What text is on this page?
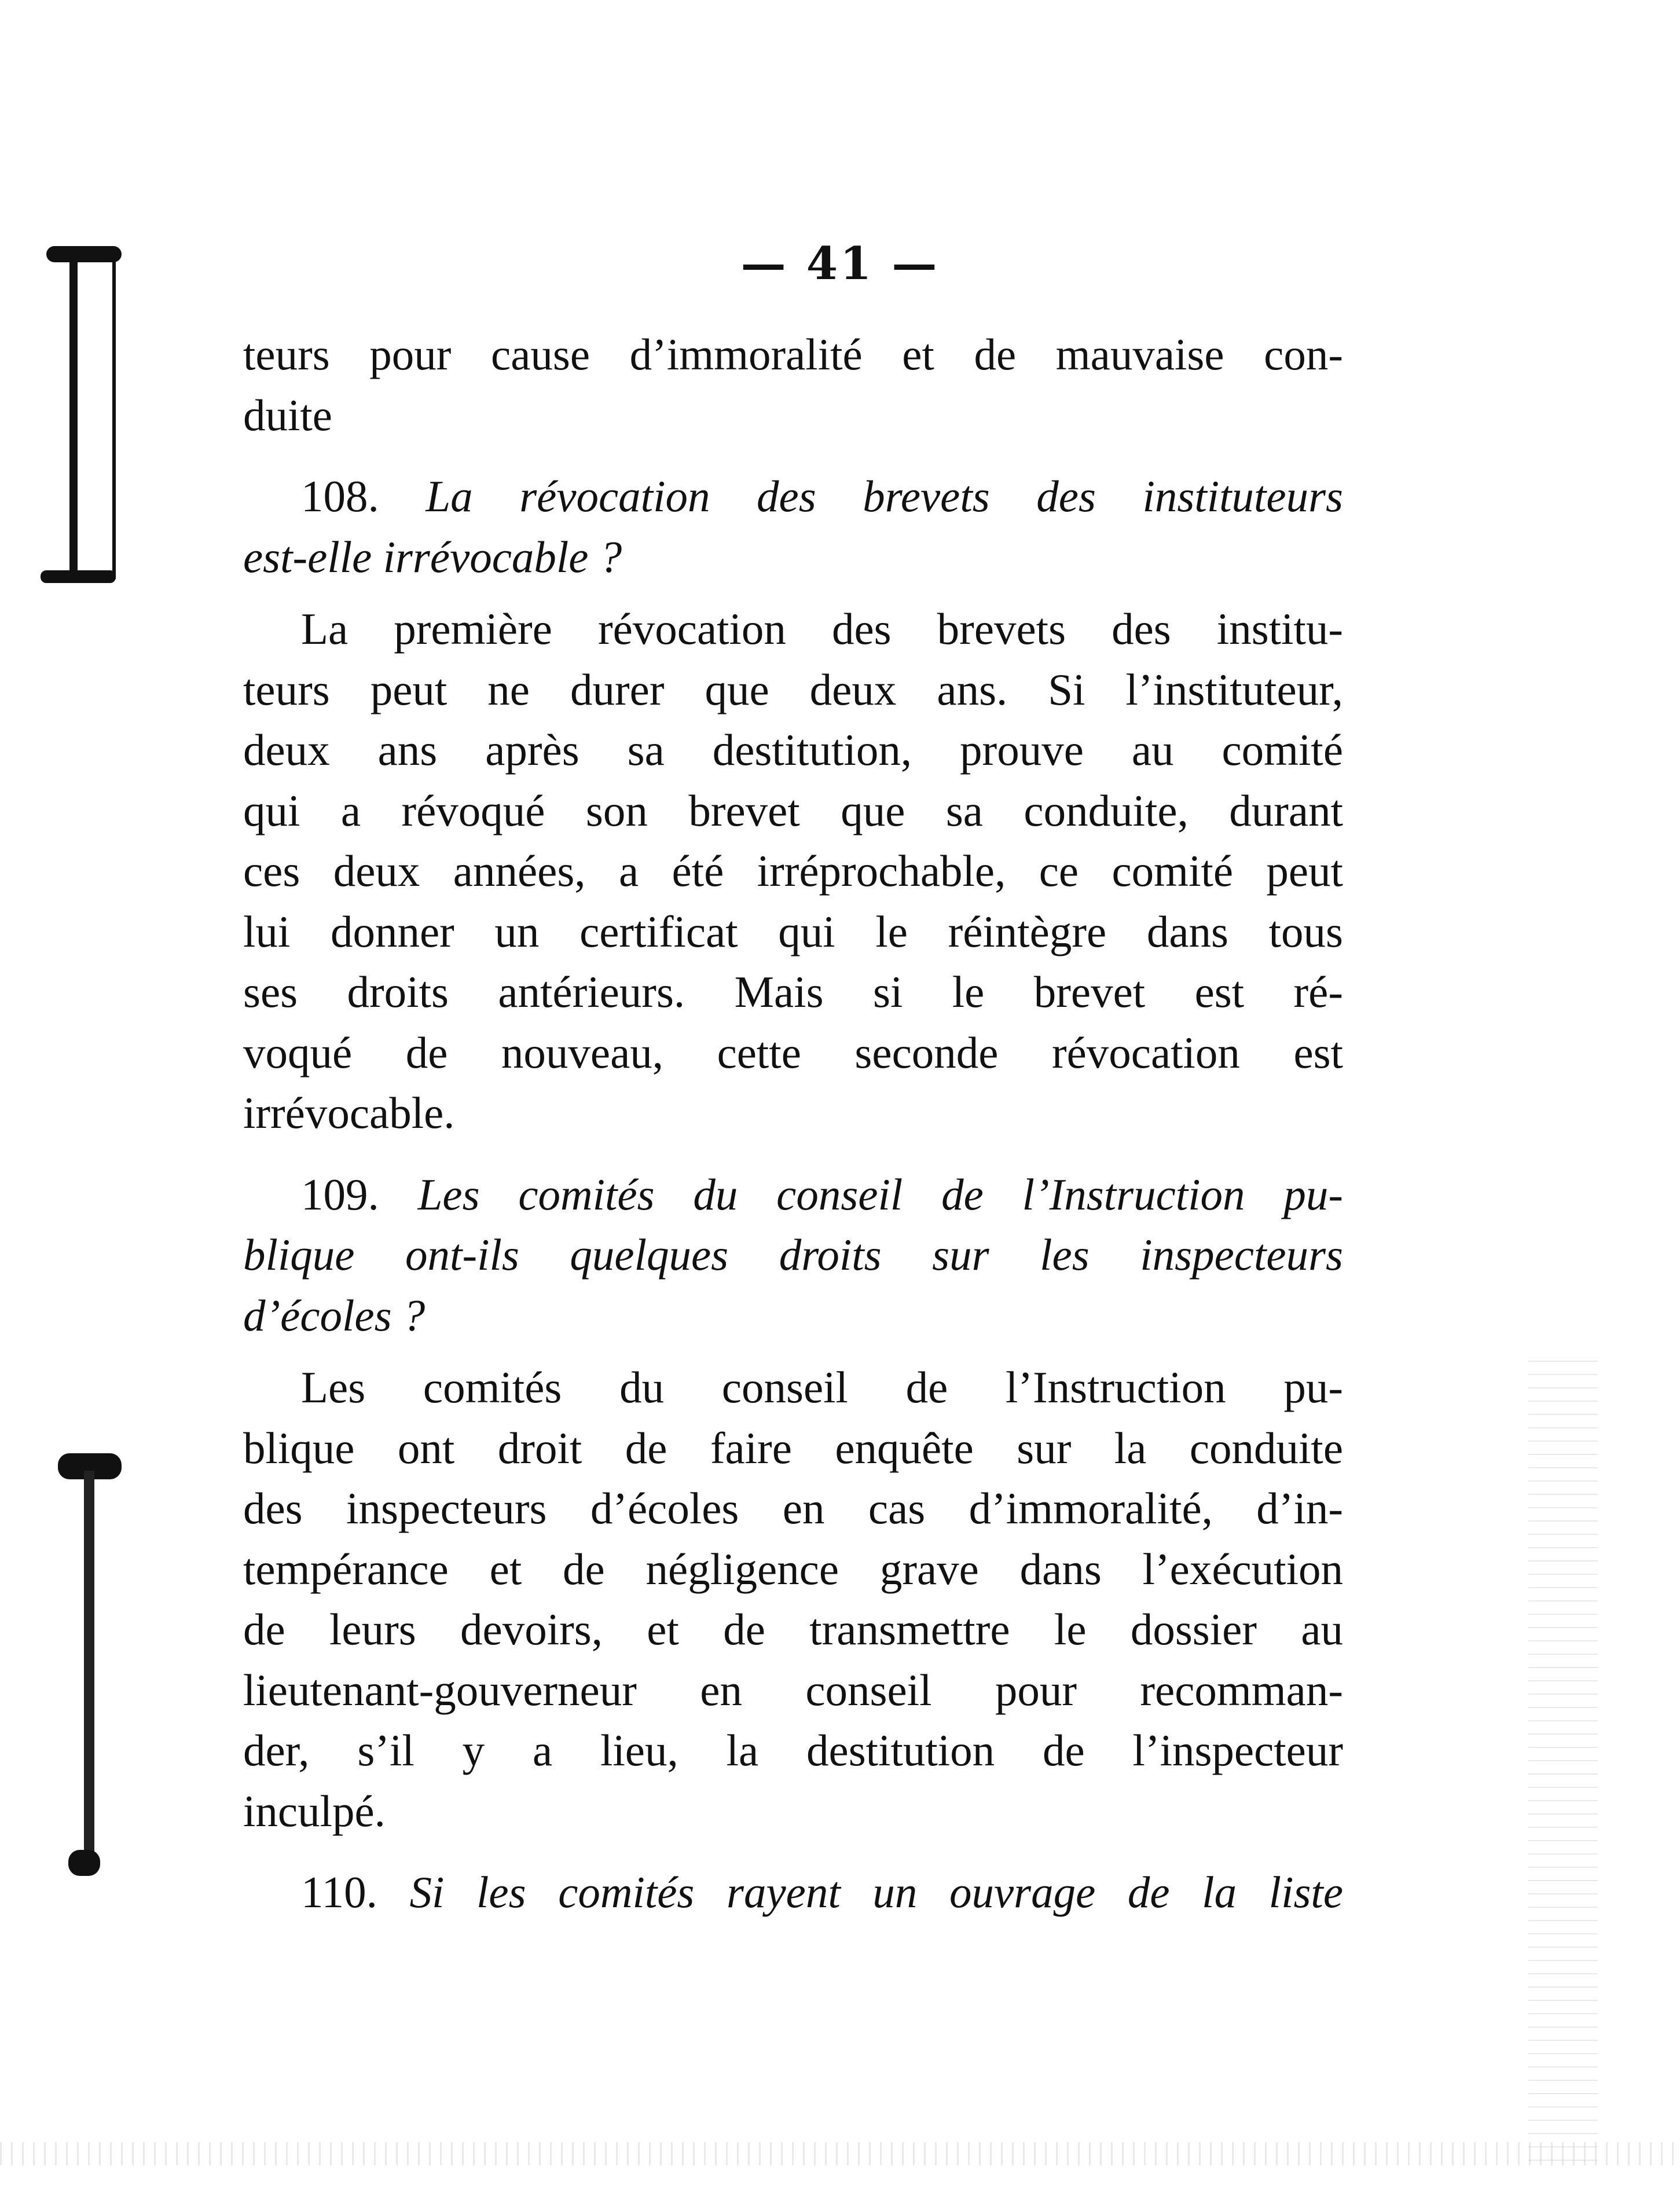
— 41 —

teurs pour cause d’immoralité et de mauvaise con-
duite

108. La révocation des brevets des instituteurs
est-elle irrévocable ?

La première révocation des brevets des institu-
teurs peut ne durer que deux ans. Si l’instituteur,
deux ans après sa destitution, prouve au comité
qui a révoqué son brevet que sa conduite, durant
ces deux années, a été irréprochable, ce comité peut
lui donner un certificat qui le réintègre dans tous
ses droits antérieurs. Mais si le brevet est ré-
voqué de nouveau, cette seconde révocation est
irrévocable.

109. Les comités du conseil de l’Instruction pu-
blique ont-ils quelques droits sur les inspecteurs
d’écoles ?

Les comités du conseil de l’Instruction pu-
blique ont droit de faire enquête sur la conduite
des inspecteurs d’écoles en cas d’immoralité, d’in-
tempérance et de négligence grave dans l’exécution
de leurs devoirs, et de transmettre le dossier au
lieutenant-gouverneur en conseil pour recomman-
der, s’il y a lieu, la destitution de l’inspecteur
inculpé.

110. Si les comités rayent un ouvrage de la liste
